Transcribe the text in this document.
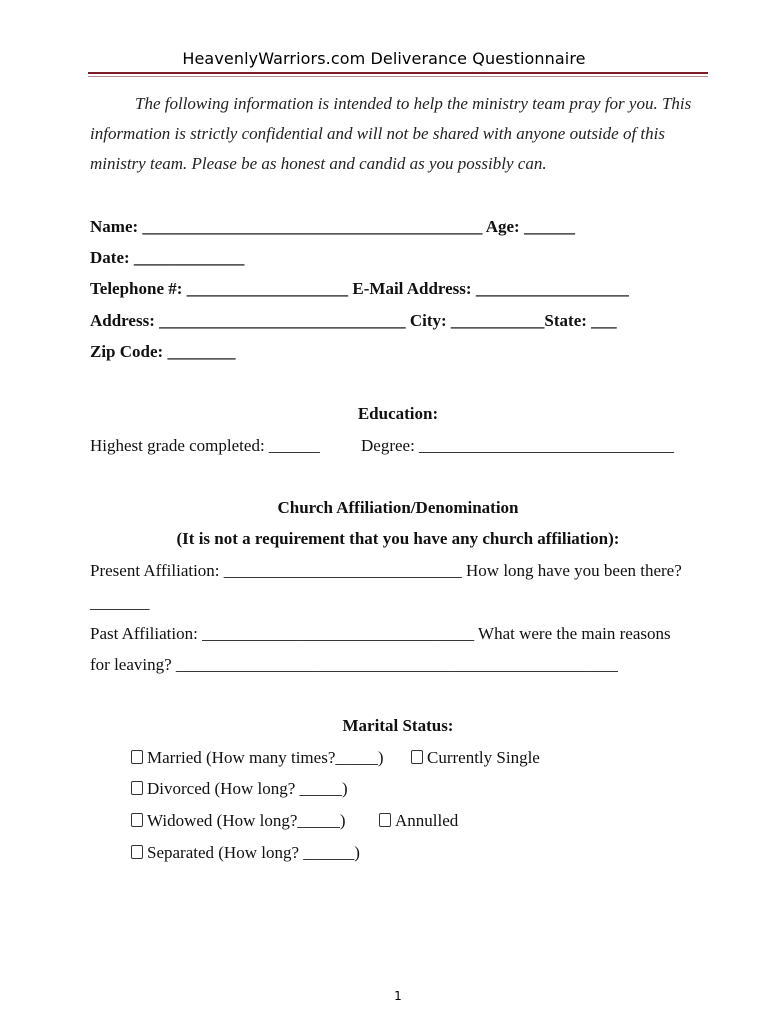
HeavenlyWarriors.com Deliverance Questionnaire
The following information is intended to help the ministry team pray for you. This
information is strictly confidential and will not be shared with anyone outside of this
ministry team. Please be as honest and candid as you possibly can.
Name: ________________________________________ Age: ______
Date: _____________
Telephone #: ___________________ E-Mail Address: __________________
Address: _____________________________ City: ___________State: ___
Zip Code: ________
Education:
Highest grade completed: ______ Degree: ______________________________
Church Affiliation/Denomination
(It is not a requirement that you have any church affiliation):
Present Affiliation: ____________________________ How long have you been there?
_______
Past Affiliation: ________________________________ What were the main reasons
for leaving? ____________________________________________________
Marital Status:
Married (How many times?_____)	Currently Single
Divorced (How long? _____)
Widowed (How long?_____)	Annulled
Separated (How long? ______)
1
